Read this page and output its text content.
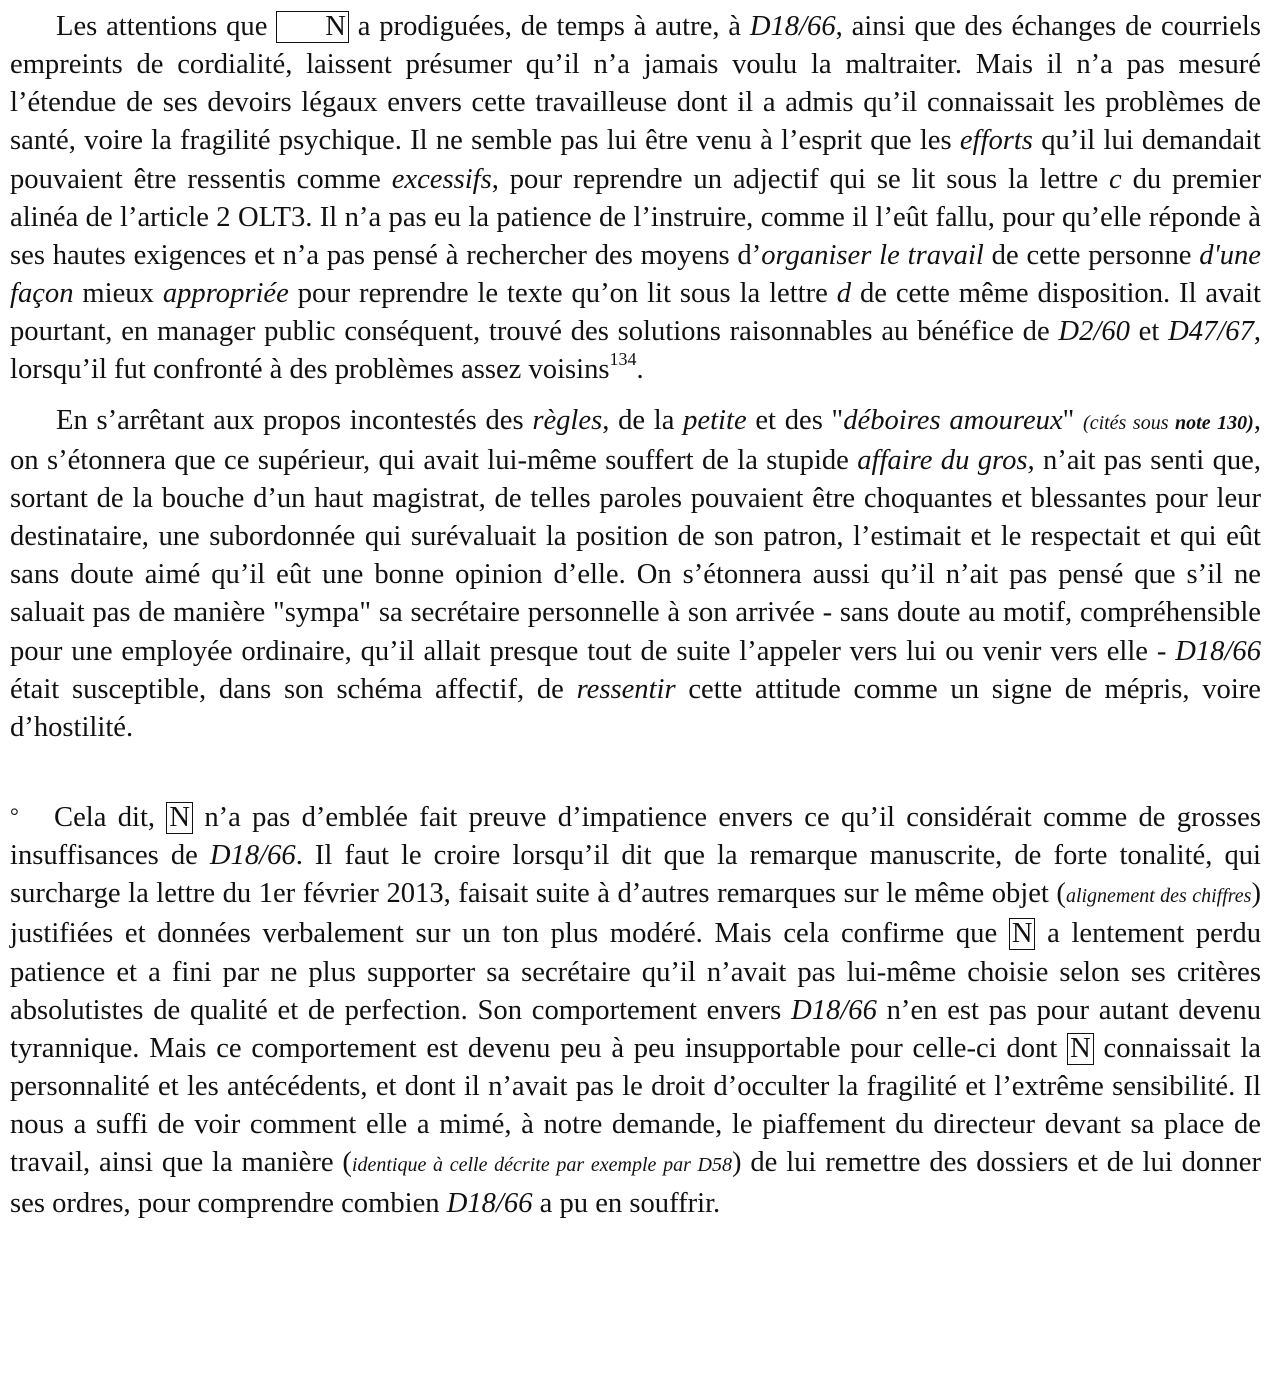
Les attentions que N a prodiguées, de temps à autre, à D18/66, ainsi que des échanges de courriels empreints de cordialité, laissent présumer qu’il n’a jamais voulu la maltraiter. Mais il n’a pas mesuré l’étendue de ses devoirs légaux envers cette travailleuse dont il a admis qu’il connaissait les problèmes de santé, voire la fragilité psychique. Il ne semble pas lui être venu à l’esprit que les efforts qu’il lui demandait pouvaient être ressentis comme excessifs, pour reprendre un adjectif qui se lit sous la lettre c du premier alinéa de l’article 2 OLT3. Il n’a pas eu la patience de l’instruire, comme il l’eût fallu, pour qu’elle réponde à ses hautes exigences et n’a pas pensé à rechercher des moyens d’organiser le travail de cette personne d'une façon mieux appropriée pour reprendre le texte qu’on lit sous la lettre d de cette même disposition. Il avait pourtant, en manager public conséquent, trouvé des solutions raisonnables au bénéfice de D2/60 et D47/67, lorsqu’il fut confronté à des problèmes assez voisins$^{134}$.

En s’arrêtant aux propos incontestés des règles, de la petite et des "déboires amoureux" (cités sous note 130), on s’étonnera que ce supérieur, qui avait lui-même souffert de la stupide affaire du gros, n’ait pas senti que, sortant de la bouche d’un haut magistrat, de telles paroles pouvaient être choquantes et blessantes pour leur destinataire, une subordonnée qui surévaluait la position de son patron, l’estimait et le respectait et qui eût sans doute aimé qu’il eût une bonne opinion d’elle. On s’étonnera aussi qu’il n’ait pas pensé que s’il ne saluait pas de manière "sympa" sa secrétaire personnelle à son arrivée - sans doute au motif, compréhensible pour une employée ordinaire, qu’il allait presque tout de suite l’appeler vers lui ou venir vers elle - D18/66 était susceptible, dans son schéma affectif, de ressentir cette attitude comme un signe de mépris, voire d’hostilité.

° Cela dit, N n’a pas d’emblée fait preuve d’impatience envers ce qu’il considérait comme de grosses insuffisances de D18/66. Il faut le croire lorsqu’il dit que la remarque manuscrite, de forte tonalité, qui surcharge la lettre du 1er février 2013, faisait suite à d’autres remarques sur le même objet (alignement des chiffres) justifiées et données verbalement sur un ton plus modéré. Mais cela confirme que N a lentement perdu patience et a fini par ne plus supporter sa secrétaire qu’il n’avait pas lui-même choisie selon ses critères absolutistes de qualité et de perfection. Son comportement envers D18/66 n’en est pas pour autant devenu tyrannique. Mais ce comportement est devenu peu à peu insupportable pour celle-ci dont N connaissait la personnalité et les antécédents, et dont il n’avait pas le droit d’occulter la fragilité et l’extrême sensibilité. Il nous a suffi de voir comment elle a mimé, à notre demande, le piaffement du directeur devant sa place de travail, ainsi que la manière (identique à celle décrite par exemple par D58) de lui remettre des dossiers et de lui donner ses ordres, pour comprendre combien D18/66 a pu en souffrir.
